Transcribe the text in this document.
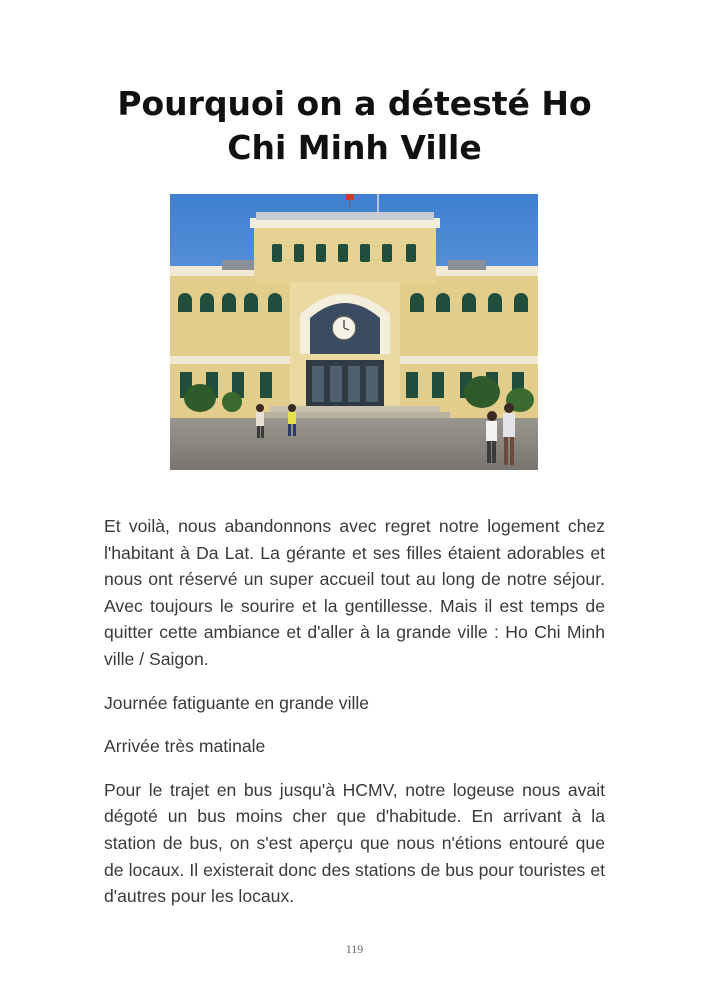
Pourquoi on a détesté Ho Chi Minh Ville

Et voilà, nous abandonnons avec regret notre logement chez l'habitant à Da Lat. La gérante et ses filles étaient adorables et nous ont réservé un super accueil tout au long de notre séjour. Avec toujours le sourire et la gentillesse. Mais il est temps de quitter cette ambiance et d'aller à la grande ville : Ho Chi Minh ville / Saigon.

Journée fatiguante en grande ville

Arrivée très matinale

Pour le trajet en bus jusqu'à HCMV, notre logeuse nous avait dégoté un bus moins cher que d'habitude. En arrivant à la station de bus, on s'est aperçu que nous n'étions entouré que de locaux. Il existerait donc des stations de bus pour touristes et d'autres pour les locaux.

119
